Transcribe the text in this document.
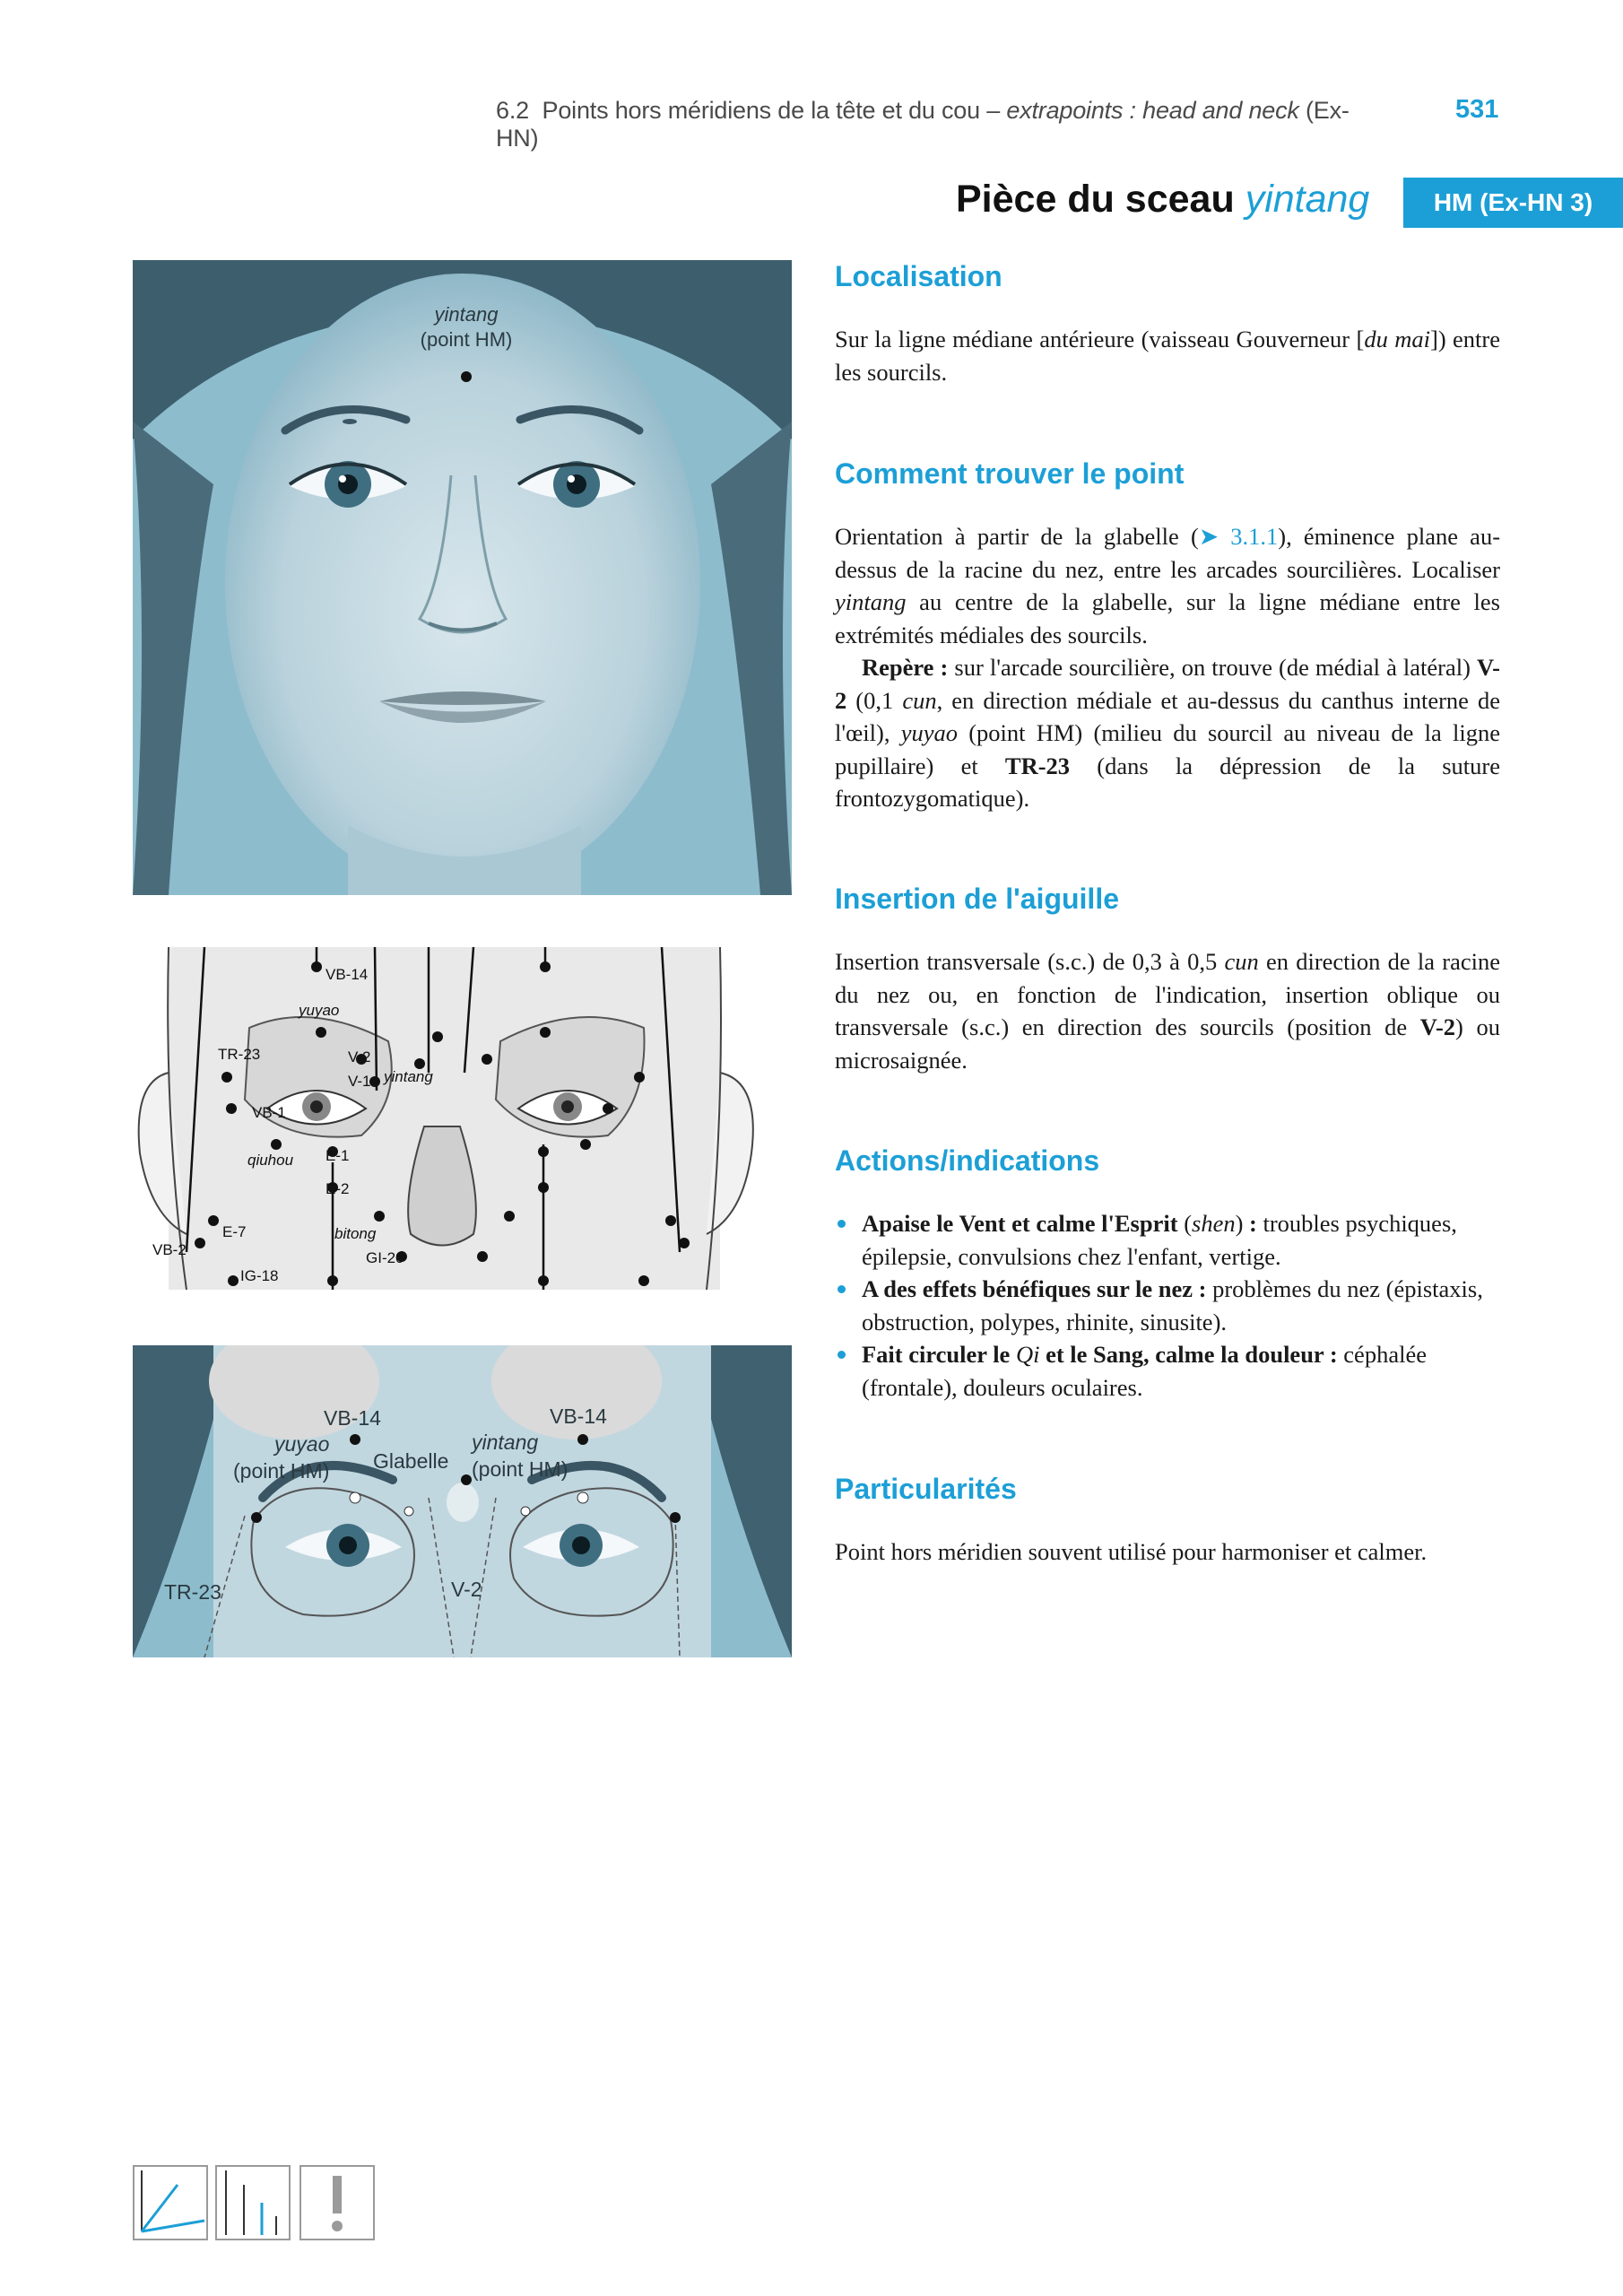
6.2 Points hors méridiens de la tête et du cou – extrapoints : head and neck (Ex-HN)
531
Pièce du sceau yintang	HM (Ex-HN 3)
yintang
(point HM)
VB-14
yuyao
TR-23	V-2
V-1 yintang
VB-1
qiuhou E-1
E-2
VB-2
E-7
IG-18
bitong
GI-20
VB-14	VB-14
yuyao
(point HM) Glabelle
yintang
(point HM)
TR-23	V-2
Localisation

Sur la ligne médiane antérieure (vaisseau Gouverneur [du mai]) entre les sourcils.

Comment trouver le point

Orientation à partir de la glabelle (➤ 3.1.1), éminence plane au-dessus de la racine du nez, entre les arcades sourcilières. Localiser yintang au centre de la glabelle, sur la ligne médiane entre les extrémités médiales des sourcils.

Repère : sur l'arcade sourcilière, on trouve (de médial à latéral) V-2 (0,1 cun, en direction médiale et au-dessus du canthus interne de l'œil), yuyao (point HM) (milieu du sourcil au niveau de la ligne pupillaire) et TR-23 (dans la dépression de la suture frontozygomatique).

Insertion de l'aiguille

Insertion transversale (s.c.) de 0,3 à 0,5 cun en direction de la racine du nez ou, en fonction de l'indication, insertion oblique ou transversale (s.c.) en direction des sourcils (position de V-2) ou microsaignée.

Actions/indications
Apaise le Vent et calme l'Esprit (shen) : troubles psychiques, épilepsie, convulsions chez l'enfant, vertige.
A des effets bénéfiques sur le nez : problèmes du nez (épistaxis, obstruction, polypes, rhinite, sinusite).
Fait circuler le Qi et le Sang, calme la douleur : céphalée (frontale), douleurs oculaires.
Particularités

Point hors méridien souvent utilisé pour harmoniser et calmer.
